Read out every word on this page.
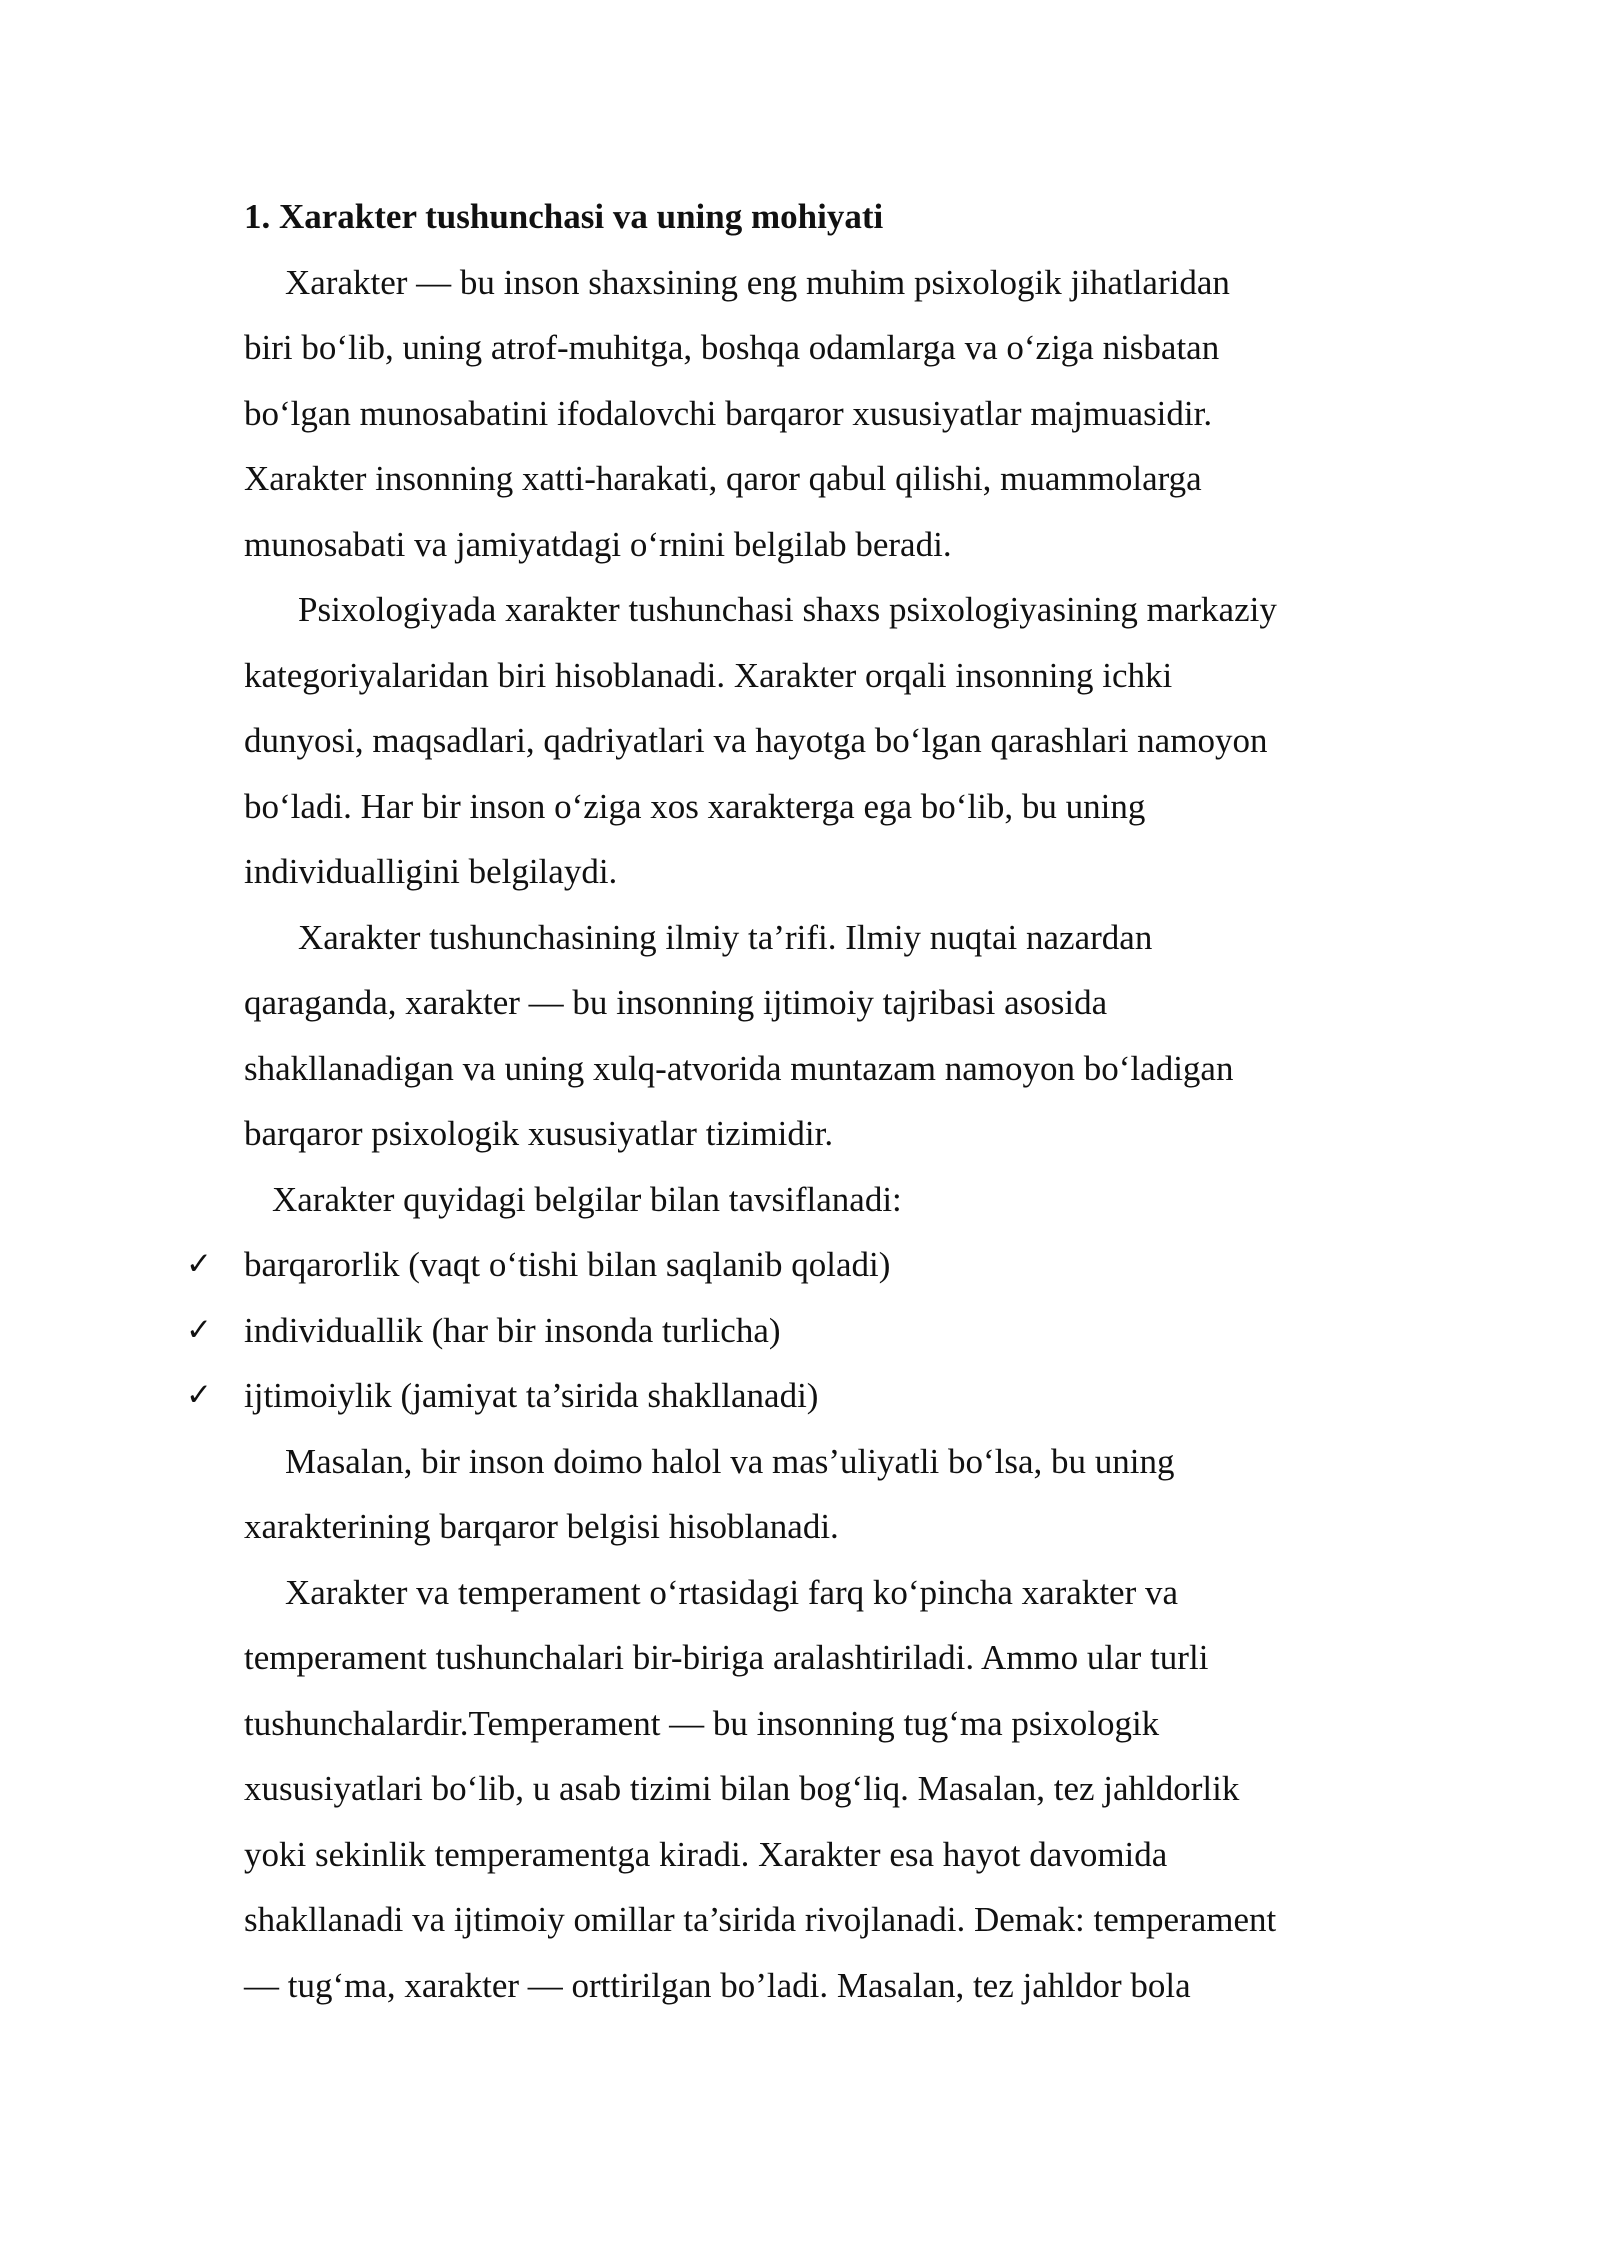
1. Xarakter tushunchasi va uning mohiyati
Xarakter — bu inson shaxsining eng muhim psixologik jihatlaridan
biri bo‘lib, uning atrof-muhitga, boshqa odamlarga va o‘ziga nisbatan
bo‘lgan munosabatini ifodalovchi barqaror xususiyatlar majmuasidir.
Xarakter insonning xatti-harakati, qaror qabul qilishi, muammolarga
munosabati va jamiyatdagi o‘rnini belgilab beradi.
Psixologiyada xarakter tushunchasi shaxs psixologiyasining markaziy
kategoriyalaridan biri hisoblanadi. Xarakter orqali insonning ichki
dunyosi, maqsadlari, qadriyatlari va hayotga bo‘lgan qarashlari namoyon
bo‘ladi. Har bir inson o‘ziga xos xarakterga ega bo‘lib, bu uning
individualligini belgilaydi.
Xarakter tushunchasining ilmiy ta’rifi. Ilmiy nuqtai nazardan
qaraganda, xarakter — bu insonning ijtimoiy tajribasi asosida
shakllanadigan va uning xulq-atvorida muntazam namoyon bo‘ladigan
barqaror psixologik xususiyatlar tizimidir.
Xarakter quyidagi belgilar bilan tavsiflanadi:
✓ barqarorlik (vaqt o‘tishi bilan saqlanib qoladi)
✓ individuallik (har bir insonda turlicha)
✓ ijtimoiylik (jamiyat ta’sirida shakllanadi)
Masalan, bir inson doimo halol va mas’uliyatli bo‘lsa, bu uning
xarakterining barqaror belgisi hisoblanadi.
Xarakter va temperament o‘rtasidagi farq ko‘pincha xarakter va
temperament tushunchalari bir-biriga aralashtiriladi. Ammo ular turli
tushunchalardir.Temperament — bu insonning tug‘ma psixologik
xususiyatlari bo‘lib, u asab tizimi bilan bog‘liq. Masalan, tez jahldorlik
yoki sekinlik temperamentga kiradi. Xarakter esa hayot davomida
shakllanadi va ijtimoiy omillar ta’sirida rivojlanadi. Demak: temperament
— tug‘ma, xarakter — orttirilgan bo’ladi. Masalan, tez jahldor bola
